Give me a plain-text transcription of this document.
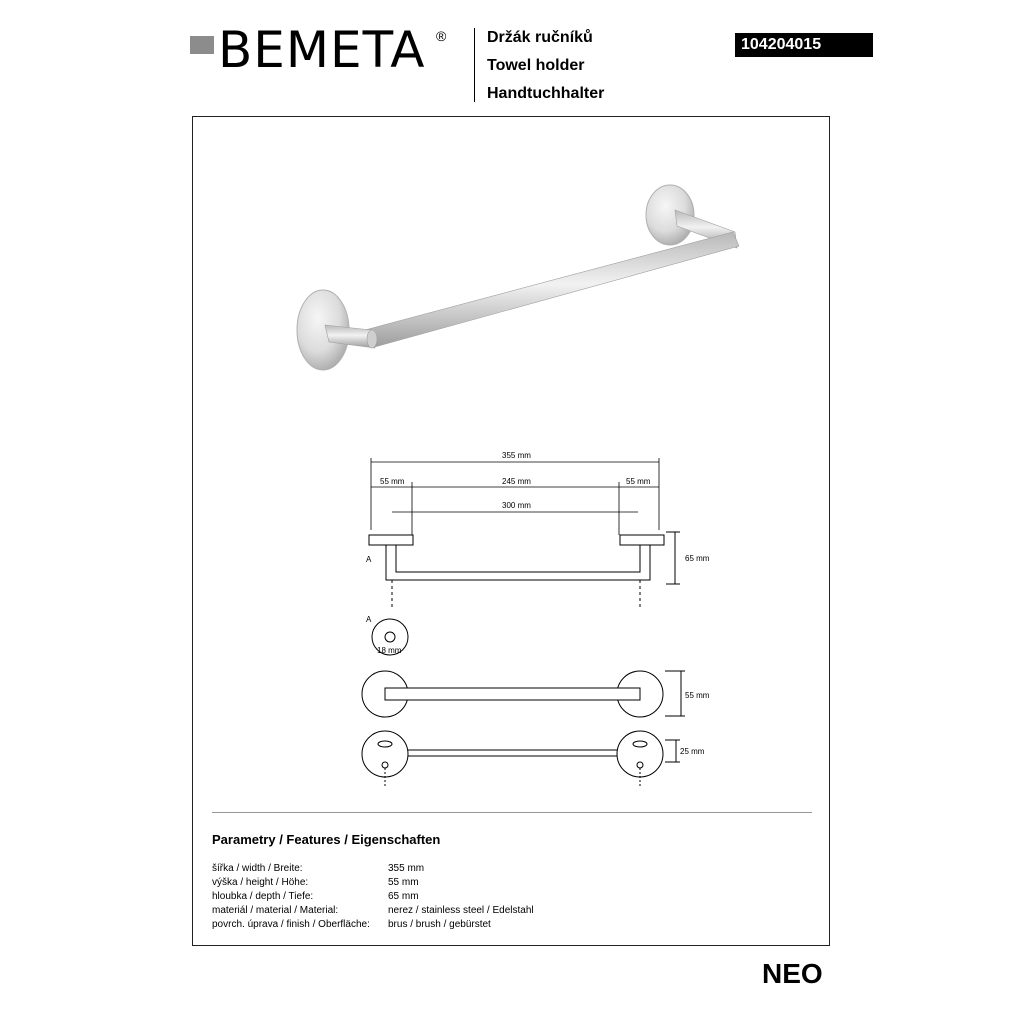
BEMETA ®	Držák ručníků
Towel holder
Handtuchhalter
104204015
355 mm
55 mm	245 mm	55 mm
300 mm
A	65 mm
A
18 mm
55 mm
25 mm
Parametry / Features / Eigenschaften
šířka / width / Breite:	355 mm
výška / height / Höhe:	55 mm
hloubka / depth / Tiefe:	65 mm
materiál / material / Material:	nerez / stainless steel / Edelstahl
povrch. úprava / finish / Oberfläche: brus / brush / gebürstet
NEO
